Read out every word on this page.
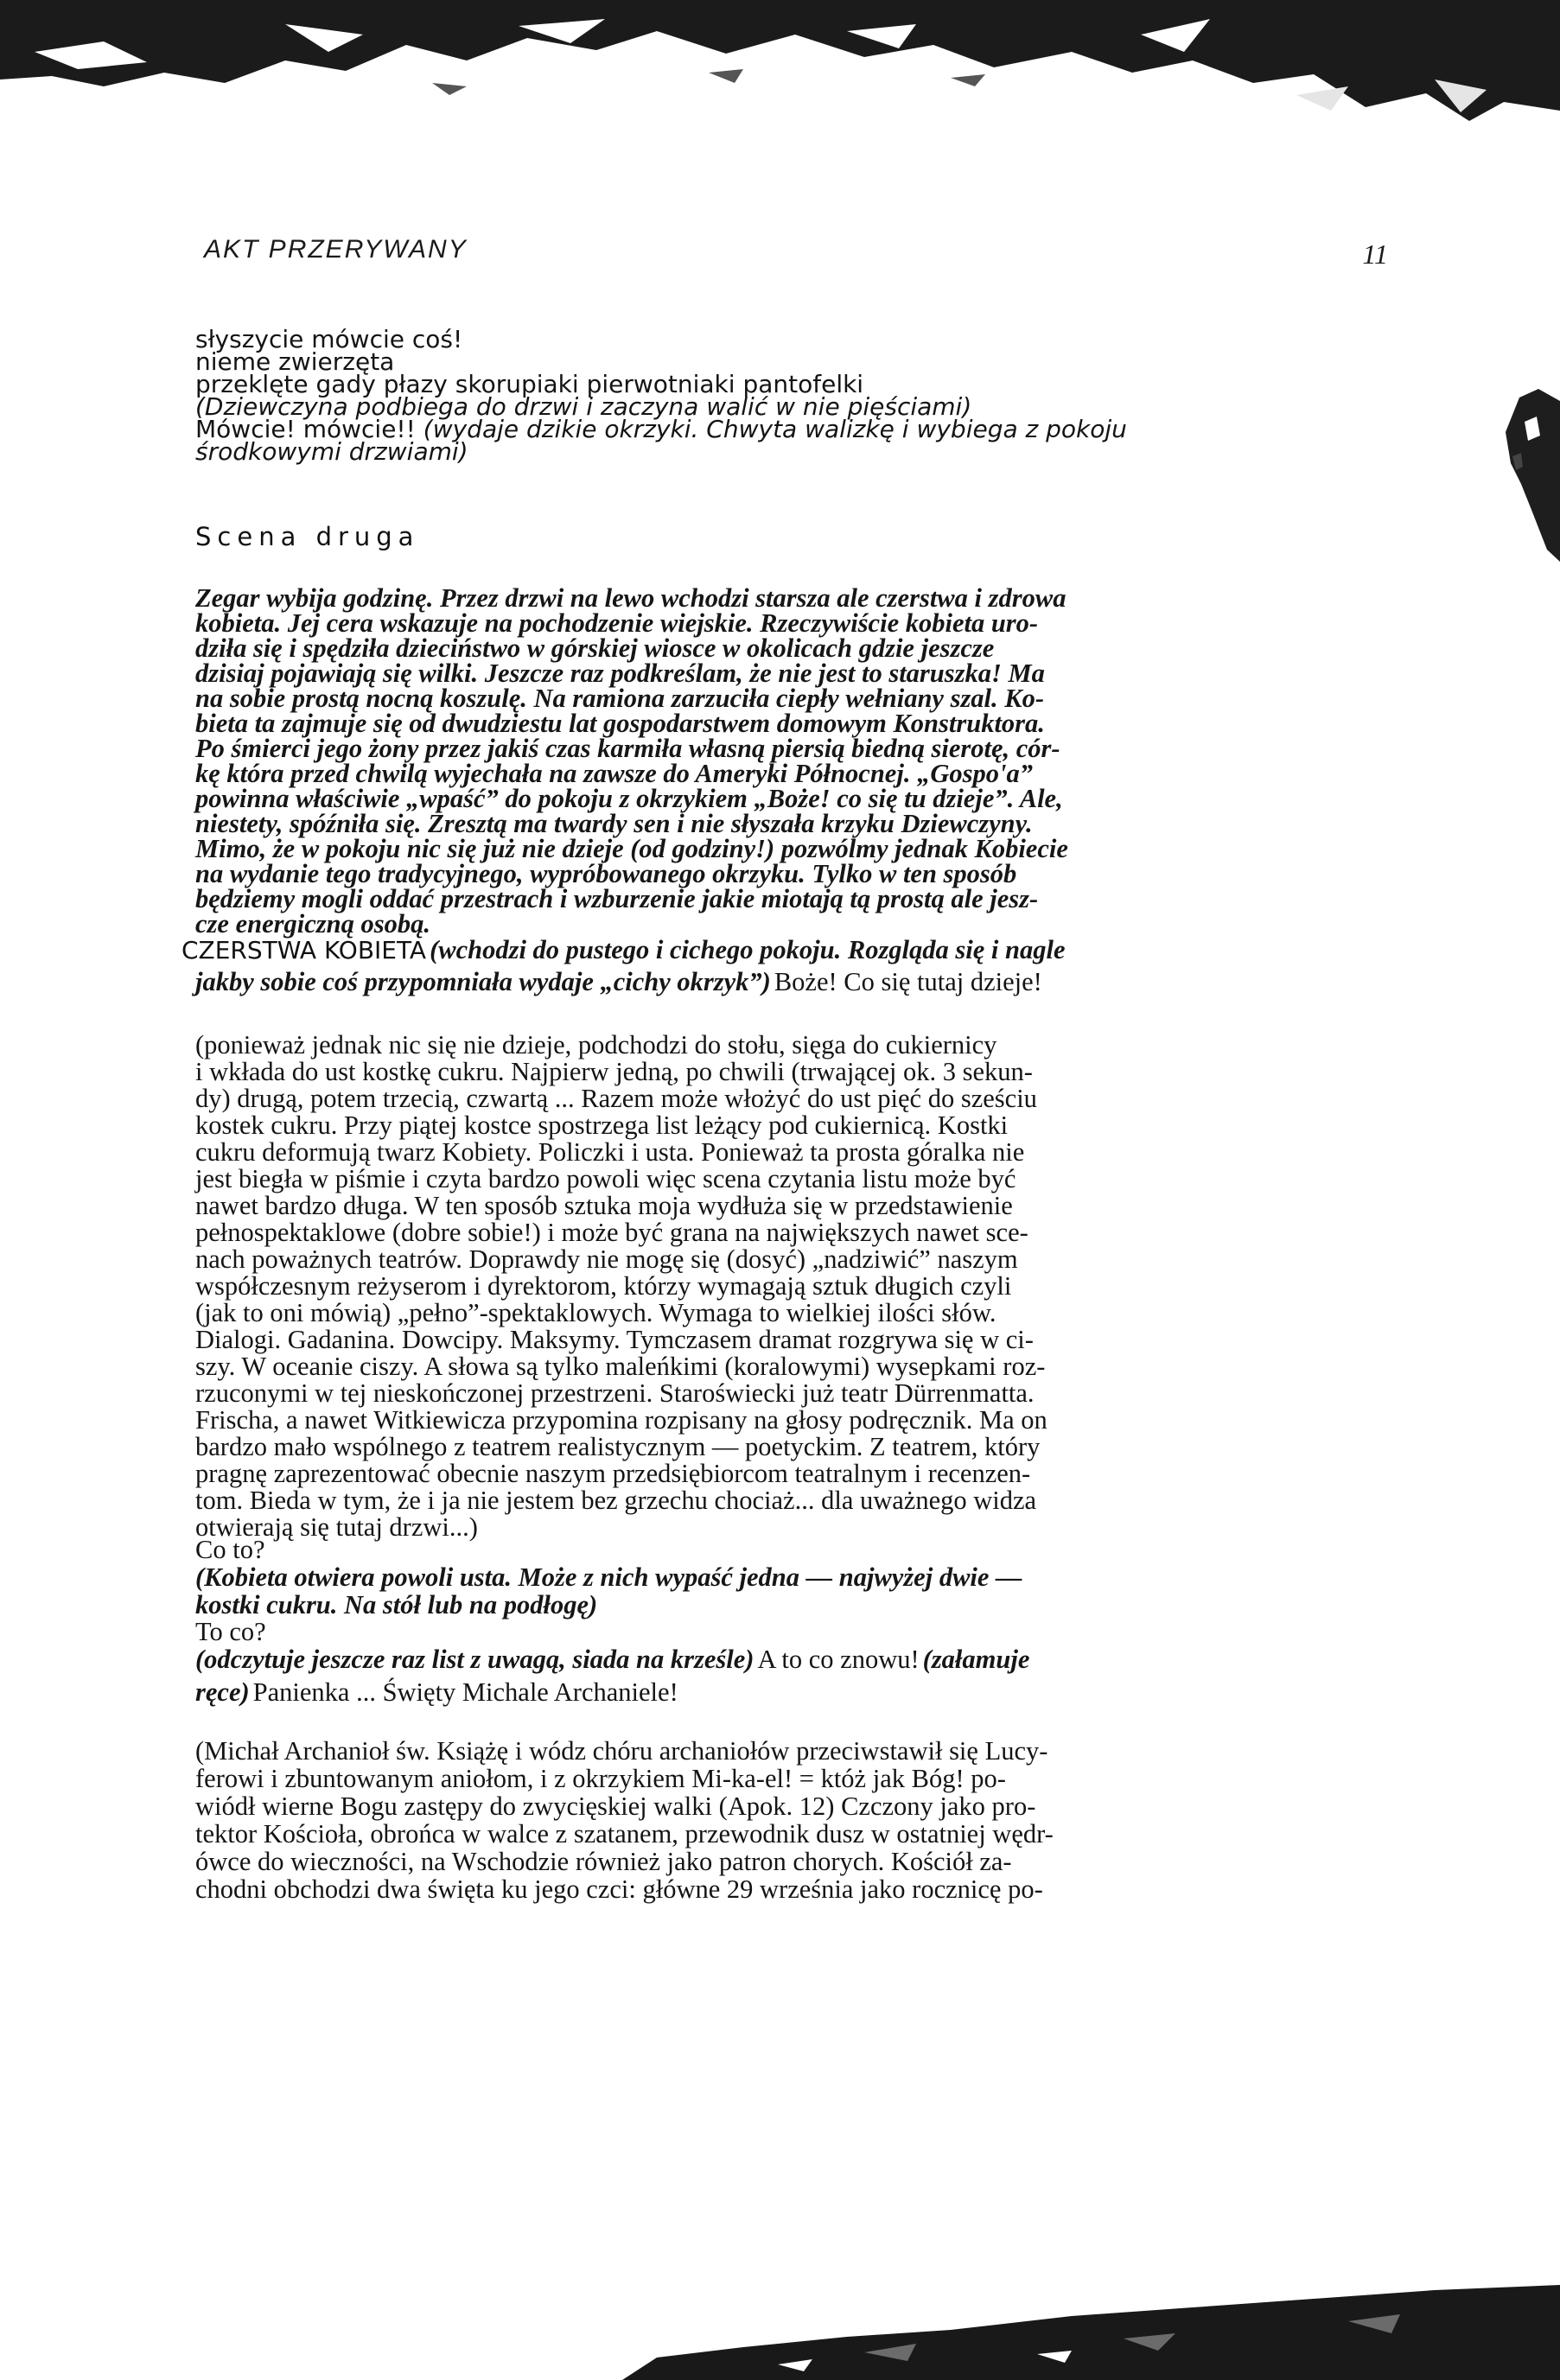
AKT PRZERYWANY	11
słyszycie mówcie coś!
nieme zwierzęta
przeklęte gady płazy skorupiaki pierwotniaki pantofelki
(Dziewczyna podbiega do drzwi i zaczyna walić w nie pięściami)
Mówcie! mówcie!! (wydaje dzikie okrzyki. Chwyta walizkę i wybiega z pokoju
środkowymi drzwiami)
Scena druga
Zegar wybija godzinę. Przez drzwi na lewo wchodzi starsza ale czerstwa i zdrowa
kobieta. Jej cera wskazuje na pochodzenie wiejskie. Rzeczywiście kobieta uro-
dziła się i spędziła dzieciństwo w górskiej wiosce w okolicach gdzie jeszcze
dzisiaj pojawiają się wilki. Jeszcze raz podkreślam, że nie jest to staruszka! Ma
na sobie prostą nocną koszulę. Na ramiona zarzuciła ciepły wełniany szal. Ko-
bieta ta zajmuje się od dwudziestu lat gospodarstwem domowym Konstruktora.
Po śmierci jego żony przez jakiś czas karmiła własną piersią biedną sierotę, cór-
kę która przed chwilą wyjechała na zawsze do Ameryki Północnej. „Gospo'a”
powinna właściwie „wpaść” do pokoju z okrzykiem „Boże! co się tu dzieje”. Ale,
niestety, spóźniła się. Zresztą ma twardy sen i nie słyszała krzyku Dziewczyny.
Mimo, że w pokoju nic się już nie dzieje (od godziny!) pozwólmy jednak Kobiecie
na wydanie tego tradycyjnego, wypróbowanego okrzyku. Tylko w ten sposób
będziemy mogli oddać przestrach i wzburzenie jakie miotają tą prostą ale jesz-
cze energiczną osobą.
CZERSTWA KOBIETA (wchodzi do pustego i cichego pokoju. Rozgląda się i nagle
jakby sobie coś przypomniała wydaje „cichy okrzyk”) Boże! Co się tutaj dzieje!
(ponieważ jednak nic się nie dzieje, podchodzi do stołu, sięga do cukiernicy
i wkłada do ust kostkę cukru. Najpierw jedną, po chwili (trwającej ok. 3 sekun-
dy) drugą, potem trzecią, czwartą ... Razem może włożyć do ust pięć do sześciu
kostek cukru. Przy piątej kostce spostrzega list leżący pod cukiernicą. Kostki
cukru deformują twarz Kobiety. Policzki i usta. Ponieważ ta prosta góralka nie
jest biegła w piśmie i czyta bardzo powoli więc scena czytania listu może być
nawet bardzo długa. W ten sposób sztuka moja wydłuża się w przedstawienie
pełnospektaklowe (dobre sobie!) i może być grana na największych nawet sce-
nach poważnych teatrów. Doprawdy nie mogę się (dosyć) „nadziwić” naszym
współczesnym reżyserom i dyrektorom, którzy wymagają sztuk długich czyli
(jak to oni mówią) „pełno”-spektaklowych. Wymaga to wielkiej ilości słów.
Dialogi. Gadanina. Dowcipy. Maksymy. Tymczasem dramat rozgrywa się w ci-
szy. W oceanie ciszy. A słowa są tylko maleńkimi (koralowymi) wysepkami roz-
rzuconymi w tej nieskończonej przestrzeni. Staroświecki już teatr Dürrenmatta.
Frischa, a nawet Witkiewicza przypomina rozpisany na głosy podręcznik. Ma on
bardzo mało wspólnego z teatrem realistycznym — poetyckim. Z teatrem, który
pragnę zaprezentować obecnie naszym przedsiębiorcom teatralnym i recenzen-
tom. Bieda w tym, że i ja nie jestem bez grzechu chociaż... dla uważnego widza
otwierają się tutaj drzwi...)
Co to?
(Kobieta otwiera powoli usta. Może z nich wypaść jedna — najwyżej dwie —
kostki cukru. Na stół lub na podłogę)
To co?
(odczytuje jeszcze raz list z uwagą, siada na krześle) A to co znowu! (załamuje
ręce) Panienka ... Święty Michale Archaniele!
(Michał Archanioł św. Książę i wódz chóru archaniołów przeciwstawił się Lucy-
ferowi i zbuntowanym aniołom, i z okrzykiem Mi-ka-el! = któż jak Bóg! po-
wiódł wierne Bogu zastępy do zwycięskiej walki (Apok. 12) Czczony jako pro-
tektor Kościoła, obrońca w walce z szatanem, przewodnik dusz w ostatniej wędr-
ówce do wieczności, na Wschodzie również jako patron chorych. Kościół za-
chodni obchodzi dwa święta ku jego czci: główne 29 września jako rocznicę po-
